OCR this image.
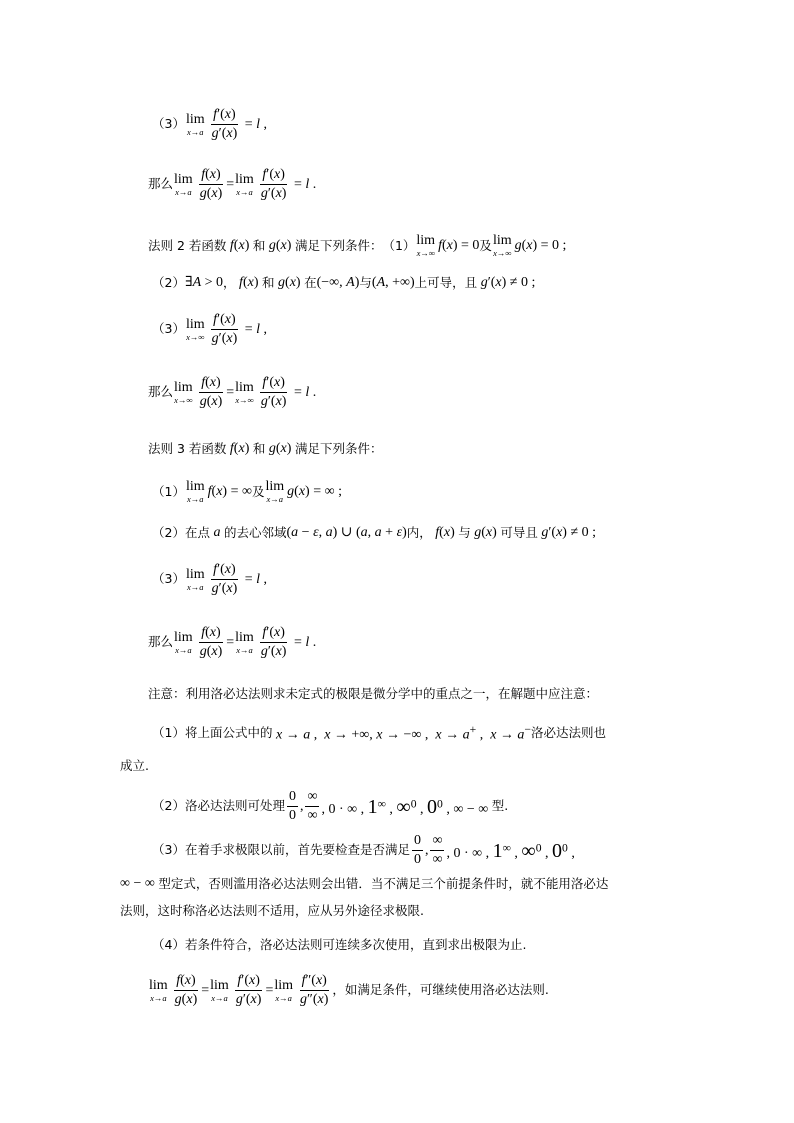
（3） lim
$x\to a \frac{f'(x)}{g'(x)} = l$ ,
那么 lim
$x\to a \frac{f(x)}{g(x)} = \lim$
$x\to a \frac{f'(x)}{g'(x)} = l$ .
法则 2 若函数 f(x) 和 g(x) 满足下列条件： （1） lim
x→∞
f(x) = 0 及 lim
x→∞
g(x) = 0 ;
（2） ∃A > 0 ， f(x) 和 g(x) 在 (−∞, A) 与 (A, +∞) 上可导，且 g′(x) ≠ 0 ;
（3） lim
$x\to\infty \frac{f'(x)}{g'(x)} = l$ ,
那么 lim
$x\to\infty \frac{f(x)}{g(x)} = \lim$
$x\to\infty \frac{f'(x)}{g'(x)} = l$ .
法则 3 若函数 f(x) 和 g(x) 满足下列条件：
（1） lim
x→a
f(x) = ∞ 及 lim
x→a
g(x) = ∞ ;
（2） 在点 a 的去心邻域 (a − ε, a) ∪ (a, a + ε) 内， f(x) 与 g(x) 可导且 g′(x) ≠ 0 ;
（3） lim
$x\to a \frac{f'(x)}{g'(x)} = l$ ,
那么 lim
$x\to a \frac{f(x)}{g(x)} = \lim$
$x\to a \frac{f'(x)}{g'(x)} = l$ .
注意：利用洛必达法则求未定式的极限是微分学中的重点之一，在解题中应注意：
（1）将上面公式中的 x → a ,  x → +∞, x → −∞ ,  x → a+ ,  x → a− 洛必达法则也
成立.
（2）洛必达法则可处理 $\frac{0}{0}$ , $\frac{\infty}{\infty}$ , 0 · ∞ , 1∞ , ∞$^0$ , $0^0$ , ∞ − ∞ 型.
（3）在着手求极限以前，首先要检查是否满足 $\frac{0}{0}$ , $\frac{\infty}{\infty}$ , 0 · ∞ , 1∞ , ∞$^0$ , $0^0$ ,
∞ − ∞ 型定式，否则滥用洛必达法则会出错．当不满足三个前提条件时，就不能用洛必达
法则，这时称洛必达法则不适用，应从另外途径求极限.
（4）若条件符合，洛必达法则可连续多次使用，直到求出极限为止.
lim
$x\to a \frac{f(x)}{g(x)} = \lim$
$x\to a \frac{f'(x)}{g'(x)} = \lim$
$x\to a \frac{f''(x)}{g''(x)}$ ，如满足条件，可继续使用洛必达法则.
